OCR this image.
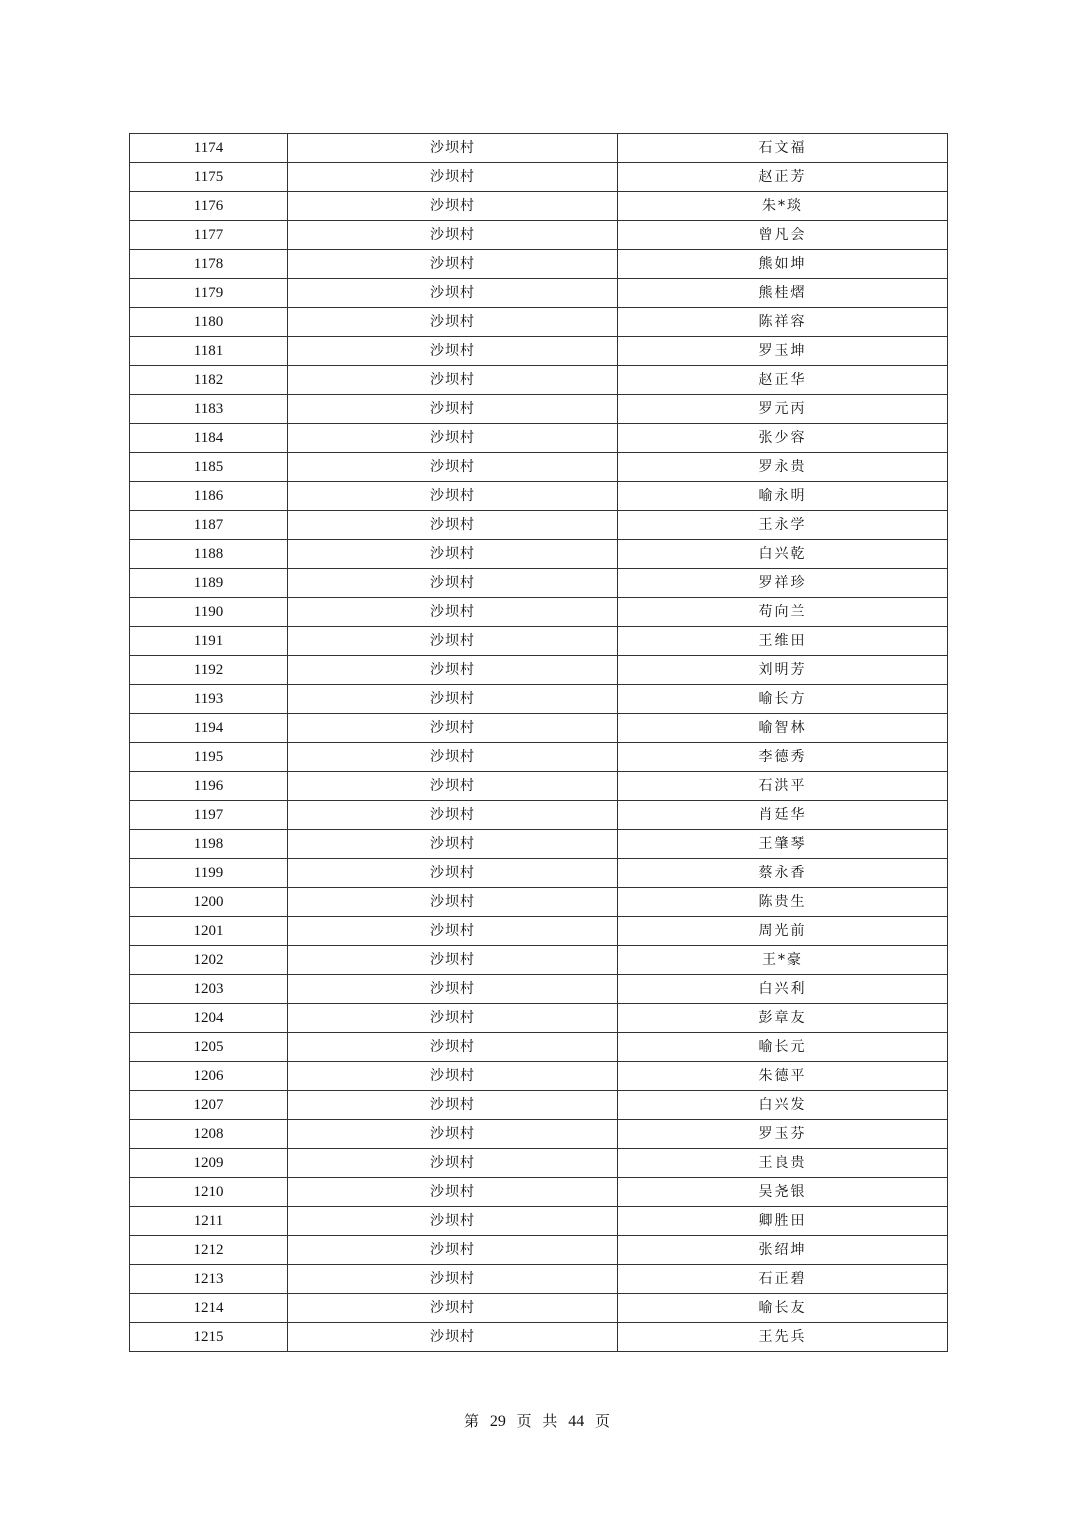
1174	沙坝村	石文福
1175	沙坝村	赵正芳
1176	沙坝村	朱*琰
1177	沙坝村	曾凡会
1178	沙坝村	熊如坤
1179	沙坝村	熊桂熠
1180	沙坝村	陈祥容
1181	沙坝村	罗玉坤
1182	沙坝村	赵正华
1183	沙坝村	罗元丙
1184	沙坝村	张少容
1185	沙坝村	罗永贵
1186	沙坝村	喻永明
1187	沙坝村	王永学
1188	沙坝村	白兴乾
1189	沙坝村	罗祥珍
1190	沙坝村	苟向兰
1191	沙坝村	王维田
1192	沙坝村	刘明芳
1193	沙坝村	喻长方
1194	沙坝村	喻智林
1195	沙坝村	李德秀
1196	沙坝村	石洪平
1197	沙坝村	肖廷华
1198	沙坝村	王肇琴
1199	沙坝村	蔡永香
1200	沙坝村	陈贵生
1201	沙坝村	周光前
1202	沙坝村	王*豪
1203	沙坝村	白兴利
1204	沙坝村	彭章友
1205	沙坝村	喻长元
1206	沙坝村	朱德平
1207	沙坝村	白兴发
1208	沙坝村	罗玉芬
1209	沙坝村	王良贵
1210	沙坝村	吴尧银
1211	沙坝村	卿胜田
1212	沙坝村	张绍坤
1213	沙坝村	石正碧
1214	沙坝村	喻长友
1215	沙坝村	王先兵
第 29 页 共 44 页
